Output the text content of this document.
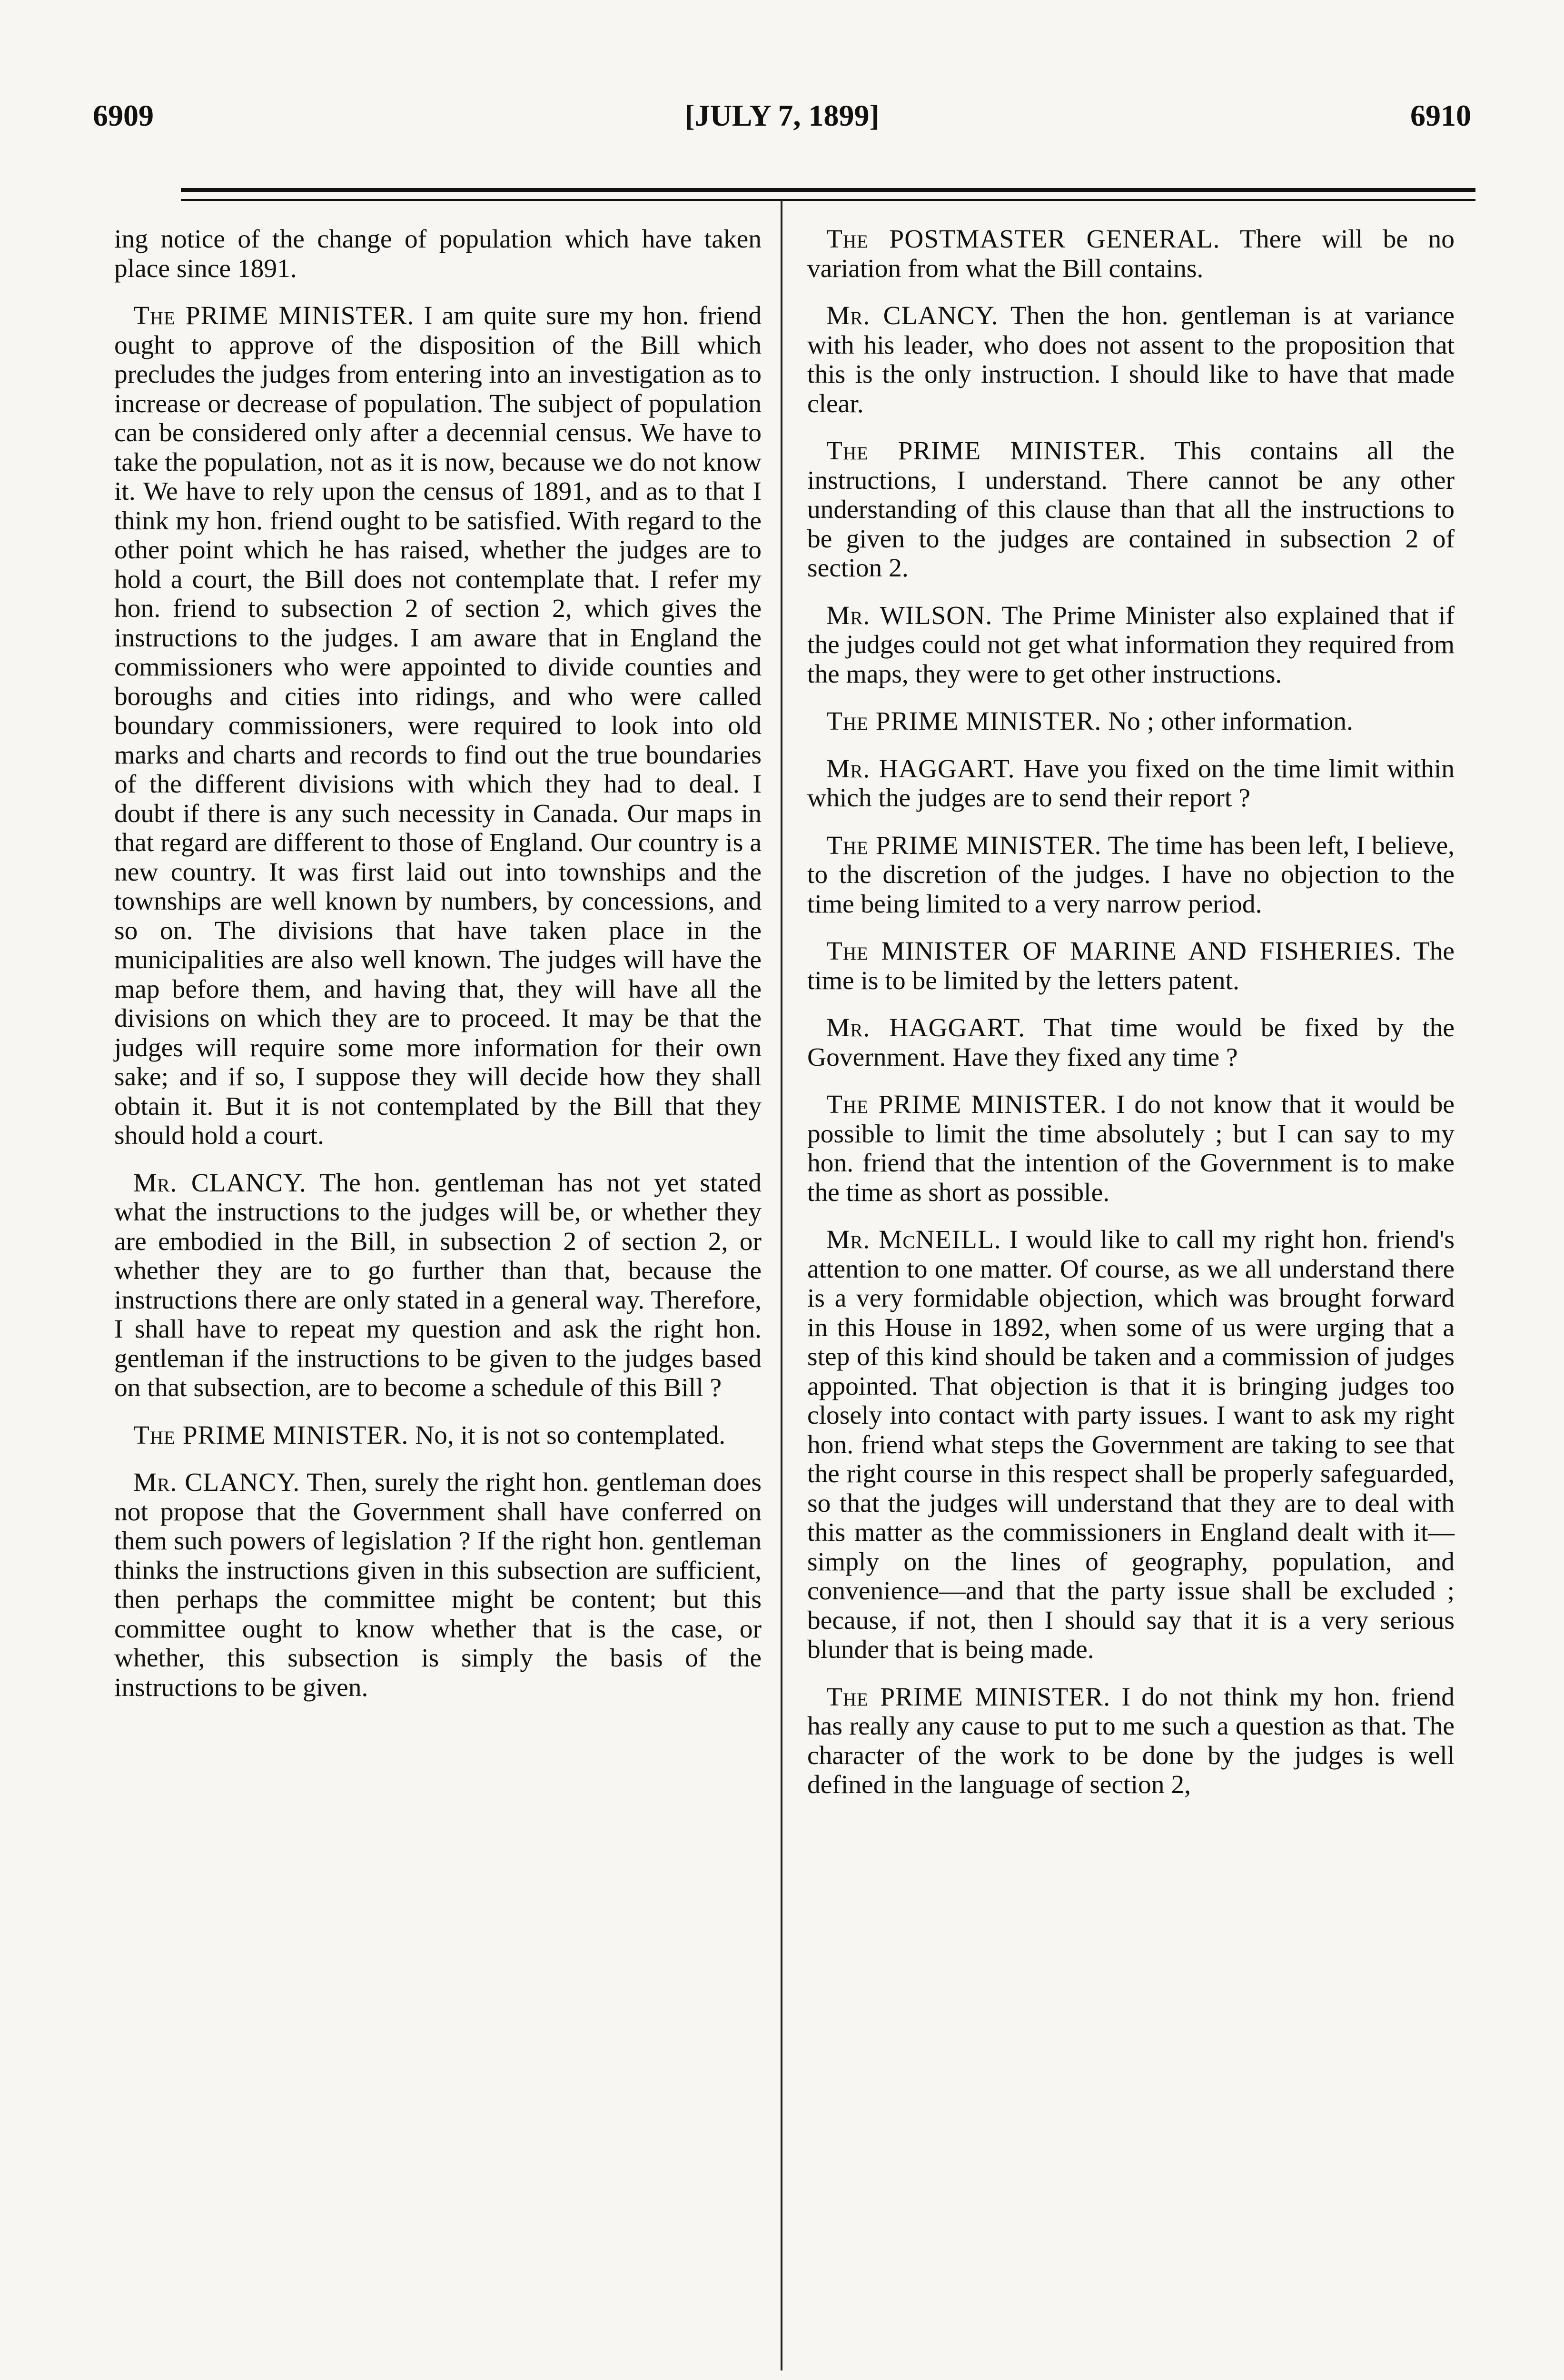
6909	[JULY 7, 1899]	6910

ing notice of the change of population which have taken place since 1891.

The PRIME MINISTER. I am quite sure my hon. friend ought to approve of the disposition of the Bill which precludes the judges from entering into an investigation as to increase or decrease of population. The subject of population can be considered only after a decennial census. We have to take the population, not as it is now, because we do not know it. We have to rely upon the census of 1891, and as to that I think my hon. friend ought to be satisfied. With regard to the other point which he has raised, whether the judges are to hold a court, the Bill does not contemplate that. I refer my hon. friend to subsection 2 of section 2, which gives the instructions to the judges. I am aware that in England the commissioners who were appointed to divide counties and boroughs and cities into ridings, and who were called boundary commissioners, were required to look into old marks and charts and records to find out the true boundaries of the different divisions with which they had to deal. I doubt if there is any such necessity in Canada. Our maps in that regard are different to those of England. Our country is a new country. It was first laid out into townships and the townships are well known by numbers, by concessions, and so on. The divisions that have taken place in the municipalities are also well known. The judges will have the map before them, and having that, they will have all the divisions on which they are to proceed. It may be that the judges will require some more information for their own sake; and if so, I suppose they will decide how they shall obtain it. But it is not contemplated by the Bill that they should hold a court.

Mr. CLANCY. The hon. gentleman has not yet stated what the instructions to the judges will be, or whether they are embodied in the Bill, in subsection 2 of section 2, or whether they are to go further than that, because the instructions there are only stated in a general way. Therefore, I shall have to repeat my question and ask the right hon. gentleman if the instructions to be given to the judges based on that subsection, are to become a schedule of this Bill ?

The PRIME MINISTER. No, it is not so contemplated.

Mr. CLANCY. Then, surely the right hon. gentleman does not propose that the Government shall have conferred on them such powers of legislation ? If the right hon. gentleman thinks the instructions given in this subsection are sufficient, then perhaps the committee might be content; but this committee ought to know whether that is the case, or whether, this subsection is simply the basis of the instructions to be given.

The POSTMASTER GENERAL. There will be no variation from what the Bill contains.

Mr. CLANCY. Then the hon. gentleman is at variance with his leader, who does not assent to the proposition that this is the only instruction. I should like to have that made clear.

The PRIME MINISTER. This contains all the instructions, I understand. There cannot be any other understanding of this clause than that all the instructions to be given to the judges are contained in subsection 2 of section 2.

Mr. WILSON. The Prime Minister also explained that if the judges could not get what information they required from the maps, they were to get other instructions.

The PRIME MINISTER. No ; other information.

Mr. HAGGART. Have you fixed on the time limit within which the judges are to send their report ?

The PRIME MINISTER. The time has been left, I believe, to the discretion of the judges. I have no objection to the time being limited to a very narrow period.

The MINISTER OF MARINE AND FISHERIES. The time is to be limited by the letters patent.

Mr. HAGGART. That time would be fixed by the Government. Have they fixed any time ?

The PRIME MINISTER. I do not know that it would be possible to limit the time absolutely ; but I can say to my hon. friend that the intention of the Government is to make the time as short as possible.

Mr. McNEILL. I would like to call my right hon. friend's attention to one matter. Of course, as we all understand there is a very formidable objection, which was brought forward in this House in 1892, when some of us were urging that a step of this kind should be taken and a commission of judges appointed. That objection is that it is bringing judges too closely into contact with party issues. I want to ask my right hon. friend what steps the Government are taking to see that the right course in this respect shall be properly safeguarded, so that the judges will understand that they are to deal with this matter as the commissioners in England dealt with it—simply on the lines of geography, population, and convenience—and that the party issue shall be excluded ; because, if not, then I should say that it is a very serious blunder that is being made.

The PRIME MINISTER. I do not think my hon. friend has really any cause to put to me such a question as that. The character of the work to be done by the judges is well defined in the language of section 2,
